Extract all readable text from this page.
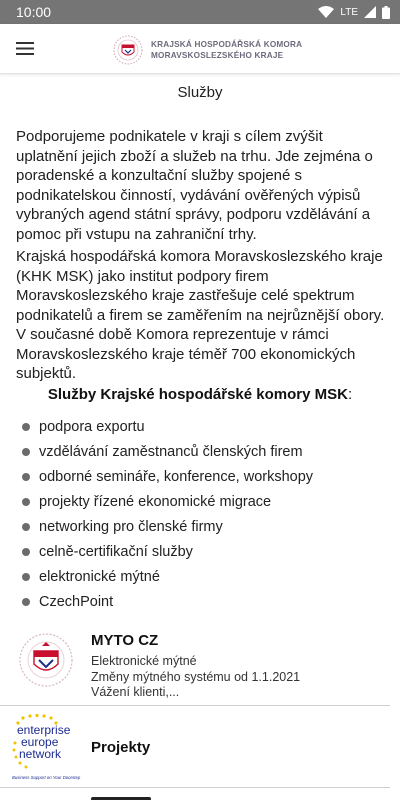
10:00	LTE
KRAJSKÁ HOSPODÁŘSKÁ KOMORA
MORAVSKOSLEZSKÉHO KRAJE
Služby

Podporujeme podnikatele v kraji s cílem zvýšit uplatnění jejich zboží a služeb na trhu. Jde zejména o poradenské a konzultační služby spojené s podnikatelskou činností, vydávání ověřených výpisů vybraných agend státní správy, podporu vzdělávání a pomoc při vstupu na zahraniční trhy.

Krajská hospodářská komora Moravskoslezského kraje (KHK MSK) jako institut podpory firem Moravskoslezského kraje zastřešuje celé spektrum podnikatelů a firem se zaměřením na nejrůznější obory. V současné době Komora reprezentuje v rámci Moravskoslezského kraje téměř 700 ekonomických subjektů.

Služby Krajské hospodářské komory MSK:
podpora exportu
vzdělávání zaměstnanců členských firem
odborné semináře, konference, workshopy
projekty řízené ekonomické migrace
networking pro členské firmy
celně-certifikační služby
elektronické mýtné
CzechPoint
MYTO CZ
Elektronické mýtné
Změny mýtného systému od 1.1.2021
Vážení klienti,...
enterprise
europe
network
Business Support on Your Doorstep
Projekty
